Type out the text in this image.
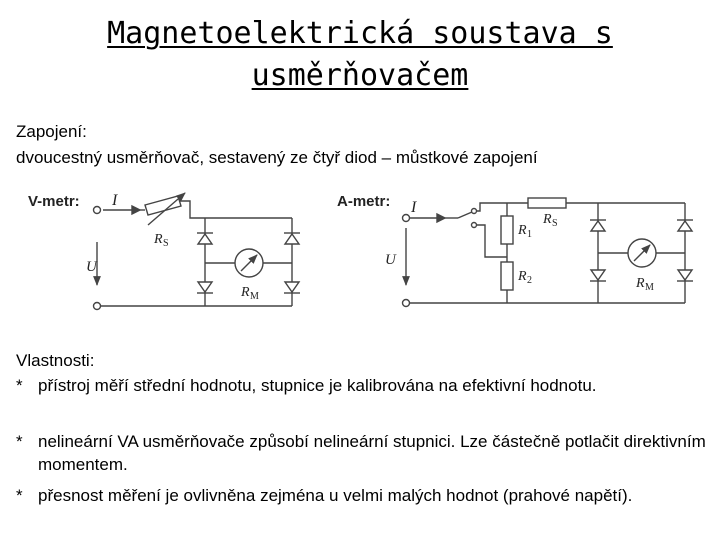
Magnetoelektrická soustava s
usměrňovačem
Zapojení:
dvoucestný usměrňovač, sestavený ze čtyř diod – můstkové zapojení
V-metr: I
U
R S
R M
A-metr: I
U
R 1
R 2
R S
R M
Vlastnosti:
* přístroj měří střední hodnotu, stupnice je kalibrována na efektivní hodnotu.
* nelineární VA usměrňovače způsobí nelineární stupnici. Lze částečně potlačit direktivním momentem.
* přesnost měření je ovlivněna zejména u velmi malých hodnot (prahové napětí).
